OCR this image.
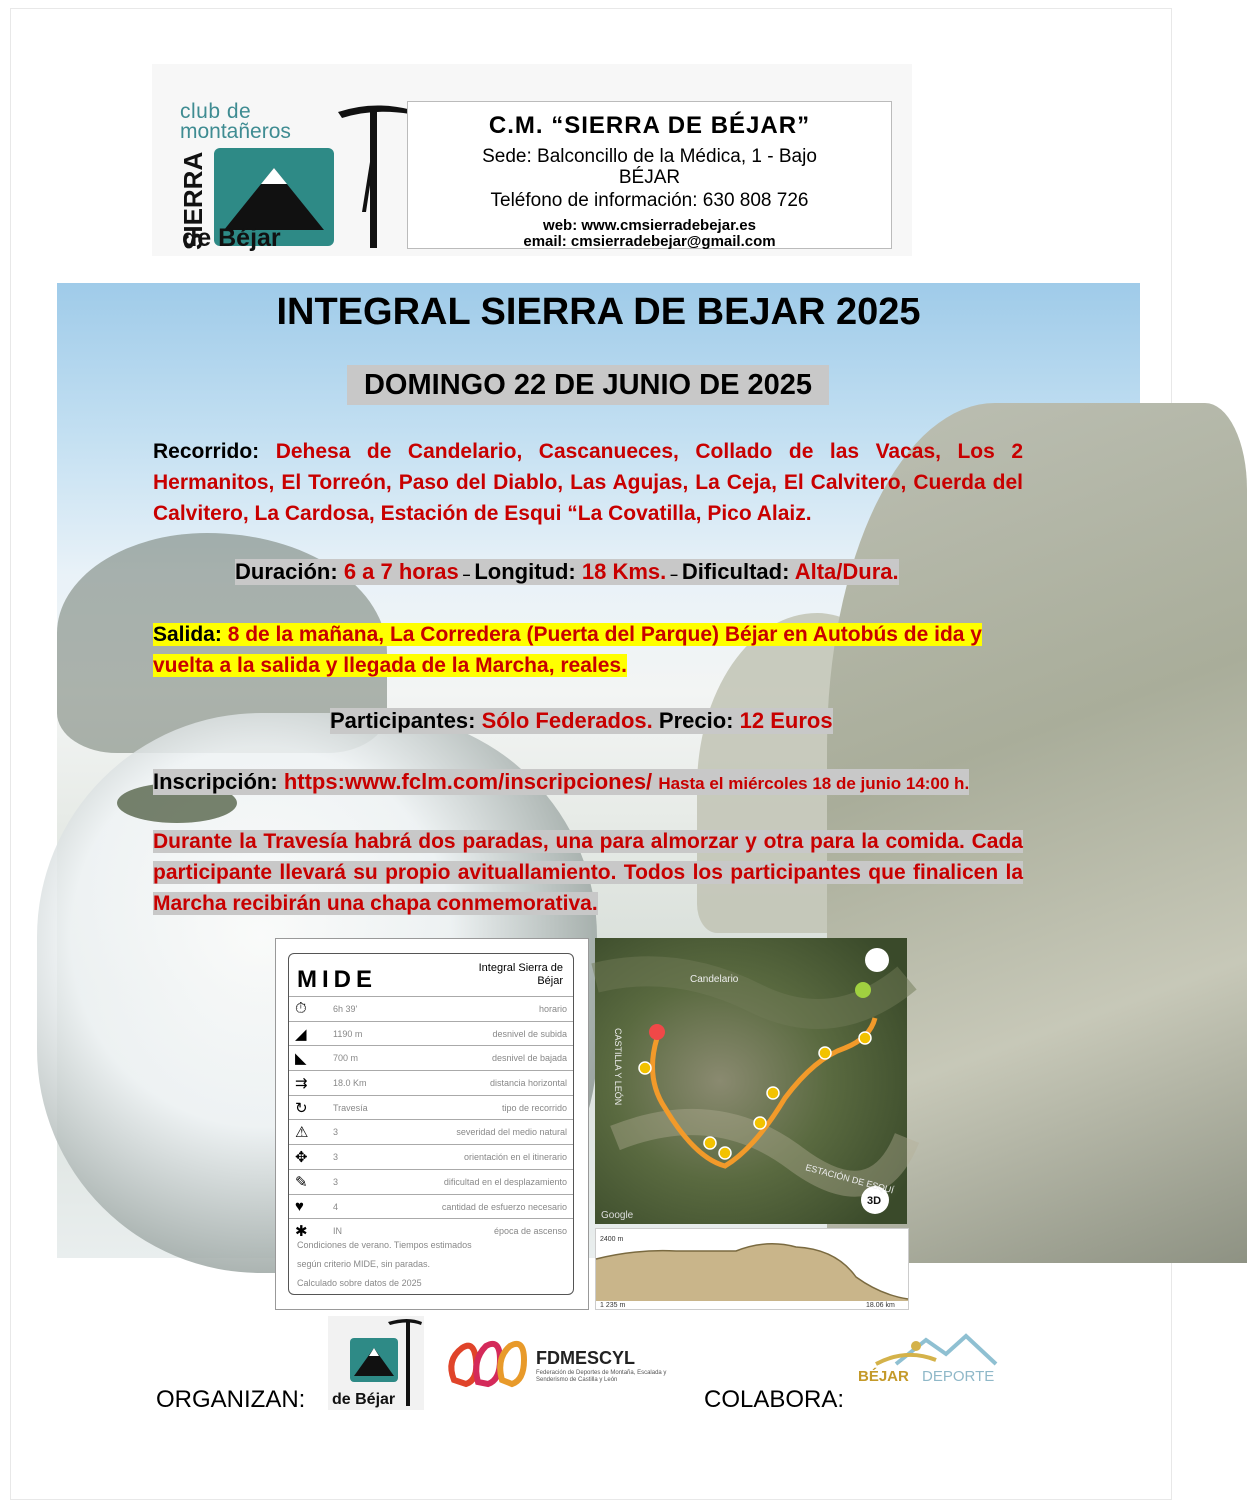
club de
montañeros
SIERRA
de Béjar
C.M. “SIERRA DE BÉJAR”
Sede: Balconcillo de la Médica, 1 - Bajo
BÉJAR
Teléfono de información: 630 808 726
web: www.cmsierradebejar.es
email: cmsierradebejar@gmail.com
INTEGRAL SIERRA DE BEJAR 2025
DOMINGO 22 DE JUNIO DE 2025
Recorrido: Dehesa de Candelario, Cascanueces, Collado de las Vacas, Los 2 Hermanitos, El Torreón, Paso del Diablo, Las Agujas, La Ceja, El Calvitero, Cuerda del Calvitero, La Cardosa, Estación de Esqui “La Covatilla, Pico Alaiz.
Duración: 6 a 7 horas – Longitud: 18 Kms. – Dificultad: Alta/Dura.
Salida: 8 de la mañana, La Corredera (Puerta del Parque) Béjar en Autobús de ida y vuelta a la salida y llegada de la Marcha, reales.
Participantes: Sólo Federados. Precio: 12 Euros
Inscripción: https:www.fclm.com/inscripciones/ Hasta el miércoles 18 de junio 14:00 h.
Durante la Travesía habrá dos paradas, una para almorzar y otra para la comida. Cada participante llevará su propio avituallamiento. Todos los participantes que finalicen la Marcha recibirán una chapa conmemorativa.
MIDE	Integral Sierra de Béjar
⏱	6h 39'	horario
◢	1190 m	desnivel de subida
◣	700 m	desnivel de bajada
⇉	18.0 Km	distancia horizontal
↻	Travesía	tipo de recorrido
⚠	3	severidad del medio natural
✥	3	orientación en el itinerario
✎	3	dificultad en el desplazamiento
♥	4	cantidad de esfuerzo necesario
✱	IN	época de ascenso
Condiciones de verano. Tiempos estimados
según criterio MIDE, sin paradas.
Calculado sobre datos de 2025
Candelario
CASTILLA Y LEÓN
ESTACIÓN DE ESQUÍ
3D
Google
2400 m
1 235 m	18.06 km
ORGANIZAN: de Béjar
FDMESCYL
Federación de Deportes de Montaña, Escalada y Senderismo de Castilla y León
COLABORA:
BÉJAR DEPORTE
